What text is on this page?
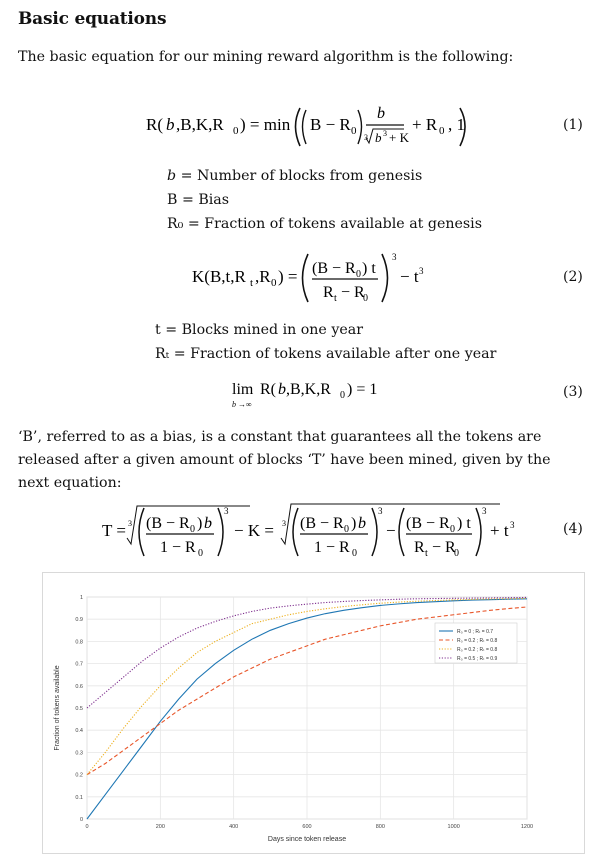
Basic equations
The basic equation for our mining reward algorithm is the following:
R( b ,B,K,R 0 ) = min B − R 0
b
3 b 3 + K
+ R 0 , 1	(1)
b = Number of blocks from genesis
B = Bias
R₀ = Fraction of tokens available at genesis
K(B,t,R t ,R 0 ) = (B − R 0 ) t
R t − R
0
3
− t 3	(2)
t = Blocks mined in one year
Rₜ = Fraction of tokens available after one year
lim
b →∞
R( b ,B,K,R 0 ) = 1	(3)
‘B’, referred to as a bias, is a constant that guarantees all the tokens are released after a given amount of blocks ‘T’ have been mined, given by the next equation:
T = 3 (B − R 0 ) b
1 − R 0
3
− K = 3 (B − R 0 ) b
1 − R 0
3
− (B − R 0 ) t
R t − R
0
3
+ t 3	(4)
0	200	400	600	800	1000	1200
0
0.1
0.2
0.3
0.4
0.5
0.6
0.7
0.8
0.9
1
Days since token release
Fraction of tokens available
R₀ = 0 ; Rₜ = 0.7
R₀ = 0.2 ; Rₜ = 0.8
R₀ = 0.2 ; Rₜ = 0.8
R₀ = 0.5 ; Rₜ = 0.9
